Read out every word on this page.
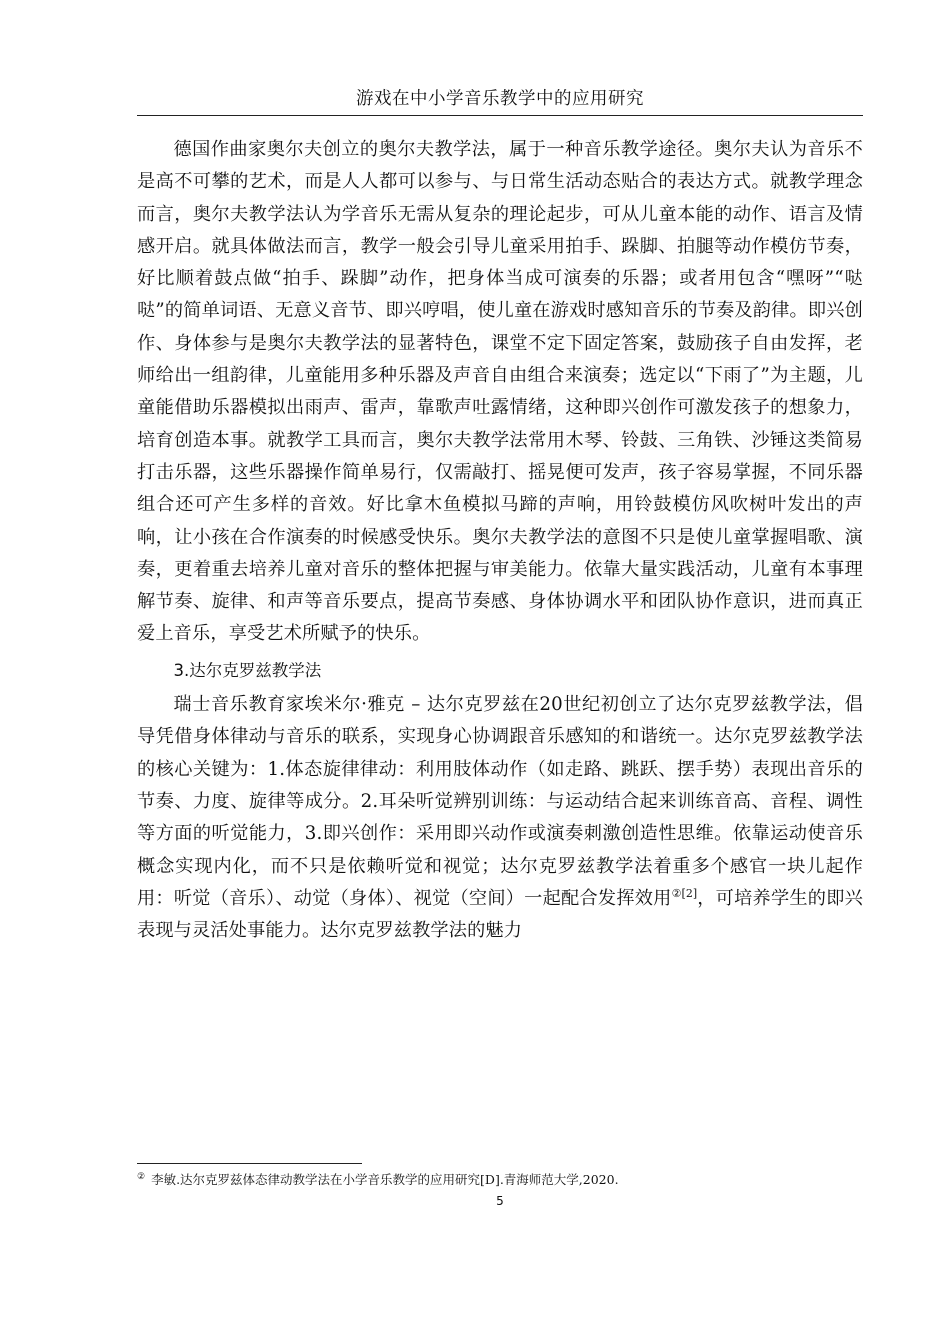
游戏在中小学音乐教学中的应用研究

德国作曲家奥尔夫创立的奥尔夫教学法，属于一种音乐教学途径。奥尔夫认为音乐不是高不可攀的艺术，而是人人都可以参与、与日常生活动态贴合的表达方式。就教学理念而言，奥尔夫教学法认为学音乐无需从复杂的理论起步，可从儿童本能的动作、语言及情感开启。就具体做法而言，教学一般会引导儿童采用拍手、跺脚、拍腿等动作模仿节奏，好比顺着鼓点做“拍手、跺脚”动作，把身体当成可演奏的乐器；或者用包含“嘿呀”“哒哒”的简单词语、无意义音节、即兴哼唱，使儿童在游戏时感知音乐的节奏及韵律。即兴创作、身体参与是奥尔夫教学法的显著特色，课堂不定下固定答案，鼓励孩子自由发挥，老师给出一组韵律，儿童能用多种乐器及声音自由组合来演奏；选定以“下雨了”为主题，儿童能借助乐器模拟出雨声、雷声，靠歌声吐露情绪，这种即兴创作可激发孩子的想象力，培育创造本事。就教学工具而言，奥尔夫教学法常用木琴、铃鼓、三角铁、沙锤这类简易打击乐器，这些乐器操作简单易行，仅需敲打、摇晃便可发声，孩子容易掌握，不同乐器组合还可产生多样的音效。好比拿木鱼模拟马蹄的声响，用铃鼓模仿风吹树叶发出的声响，让小孩在合作演奏的时候感受快乐。奥尔夫教学法的意图不只是使儿童掌握唱歌、演奏，更着重去培养儿童对音乐的整体把握与审美能力。依靠大量实践活动，儿童有本事理解节奏、旋律、和声等音乐要点，提高节奏感、身体协调水平和团队协作意识，进而真正爱上音乐，享受艺术所赋予的快乐。

3.达尔克罗兹教学法

瑞士音乐教育家埃米尔·雅克 – 达尔克罗兹在20世纪初创立了达尔克罗兹教学法，倡导凭借身体律动与音乐的联系，实现身心协调跟音乐感知的和谐统一。达尔克罗兹教学法的核心关键为：1.体态旋律律动：利用肢体动作（如走路、跳跃、摆手势）表现出音乐的节奏、力度、旋律等成分。2.耳朵听觉辨别训练：与运动结合起来训练音高、音程、调性等方面的听觉能力，3.即兴创作：采用即兴动作或演奏刺激创造性思维。依靠运动使音乐概念实现内化，而不只是依赖听觉和视觉；达尔克罗兹教学法着重多个感官一块儿起作用：听觉（音乐）、动觉（身体）、视觉（空间）一起配合发挥效用$^{②[2]}$，可培养学生的即兴表现与灵活处事能力。达尔克罗兹教学法的魅力

② 李敏.达尔克罗兹体态律动教学法在小学音乐教学的应用研究[D].青海师范大学,2020.
5
